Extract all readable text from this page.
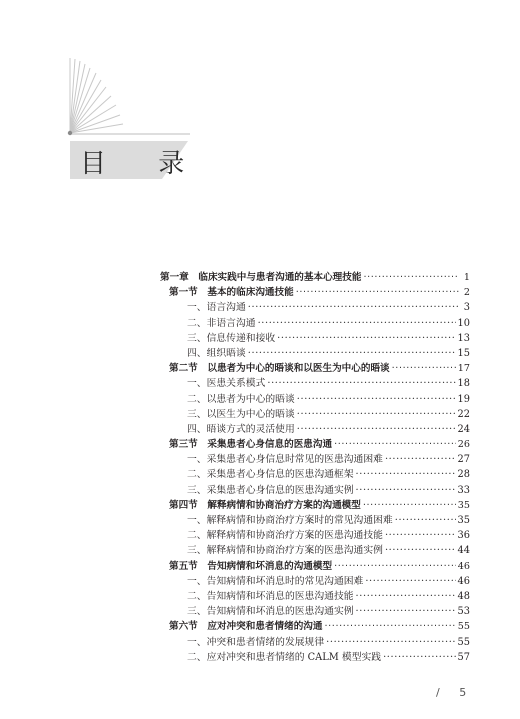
目 录
第一章　临床实践中与患者沟通的基本心理技能 ·····	1
第一节　基本的临床沟通技能 ·····	2
一、语言沟通 ·····	3
二、非语言沟通 ·····	10
三、信息传递和接收 ·····	13
四、组织晤谈 ·····	15
第二节　以患者为中心的晤谈和以医生为中心的晤谈 ·····	17
一、医患关系模式 ·····	18
二、以患者为中心的晤谈 ·····	19
三、以医生为中心的晤谈 ·····	22
四、晤谈方式的灵活使用 ·····	24
第三节　采集患者心身信息的医患沟通 ·····	26
一、采集患者心身信息时常见的医患沟通困难 ·····	27
二、采集患者心身信息的医患沟通框架 ·····	28
三、采集患者心身信息的医患沟通实例 ·····	33
第四节　解释病情和协商治疗方案的沟通模型 ·····	35
一、解释病情和协商治疗方案时的常见沟通困难 ·····	35
二、解释病情和协商治疗方案的医患沟通技能 ·····	36
三、解释病情和协商治疗方案的医患沟通实例 ·····	44
第五节　告知病情和坏消息的沟通模型 ·····	46
一、告知病情和坏消息时的常见沟通困难 ·····	46
二、告知病情和坏消息的医患沟通技能 ·····	48
三、告知病情和坏消息的医患沟通实例 ·····	53
第六节　应对冲突和患者情绪的沟通 ·····	55
一、冲突和患者情绪的发展规律 ·····	55
二、应对冲突和患者情绪的 CALM 模型实践 ·····	57
/ 5
